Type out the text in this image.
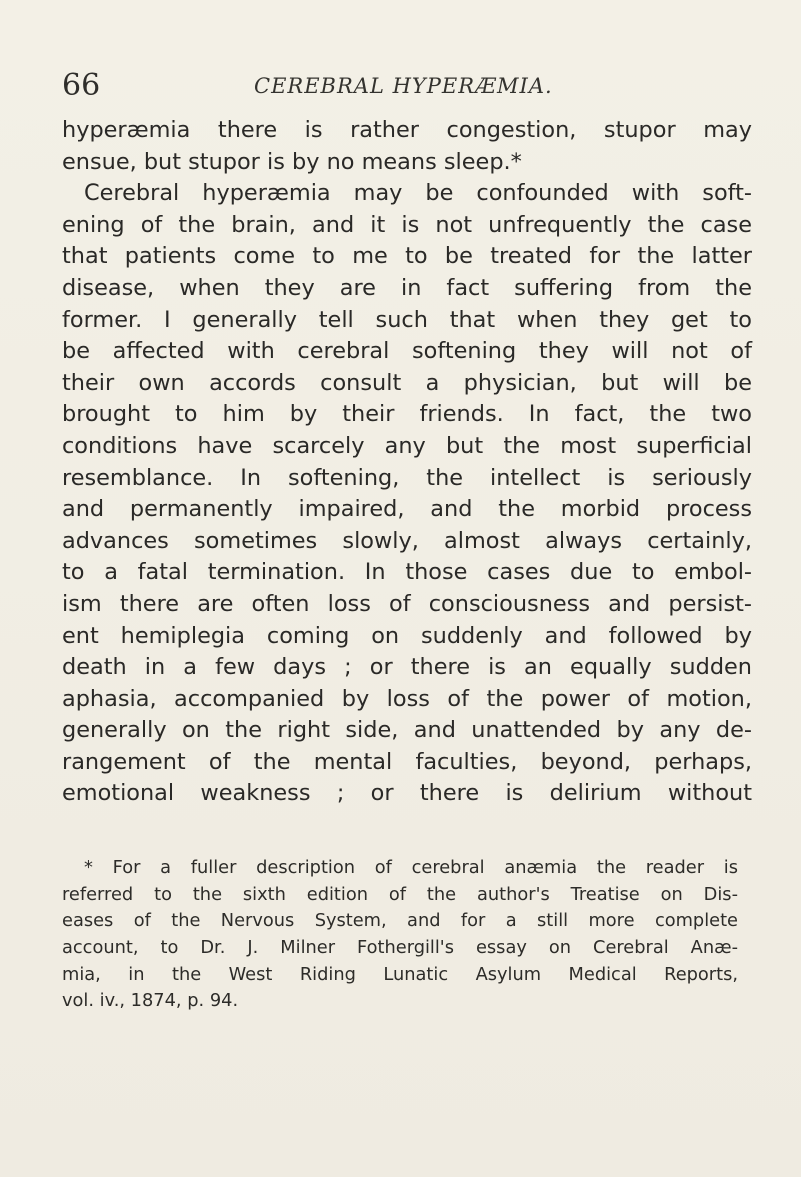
66	CEREBRAL HYPERÆMIA.
hyperæmia there is rather congestion, stupor may
ensue, but stupor is by no means sleep.*
Cerebral hyperæmia may be confounded with soft-
ening of the brain, and it is not unfrequently the case
that patients come to me to be treated for the latter
disease, when they are in fact suffering from the
former. I generally tell such that when they get to
be affected with cerebral softening they will not of
their own accords consult a physician, but will be
brought to him by their friends. In fact, the two
conditions have scarcely any but the most superficial
resemblance. In softening, the intellect is seriously
and permanently impaired, and the morbid process
advances sometimes slowly, almost always certainly,
to a fatal termination. In those cases due to embol-
ism there are often loss of consciousness and persist-
ent hemiplegia coming on suddenly and followed by
death in a few days ; or there is an equally sudden
aphasia, accompanied by loss of the power of motion,
generally on the right side, and unattended by any de-
rangement of the mental faculties, beyond, perhaps,
emotional weakness ; or there is delirium without
* For a fuller description of cerebral anæmia the reader is
referred to the sixth edition of the author's Treatise on Dis-
eases of the Nervous System, and for a still more complete
account, to Dr. J. Milner Fothergill's essay on Cerebral Anæ-
mia, in the West Riding Lunatic Asylum Medical Reports,
vol. iv., 1874, p. 94.
